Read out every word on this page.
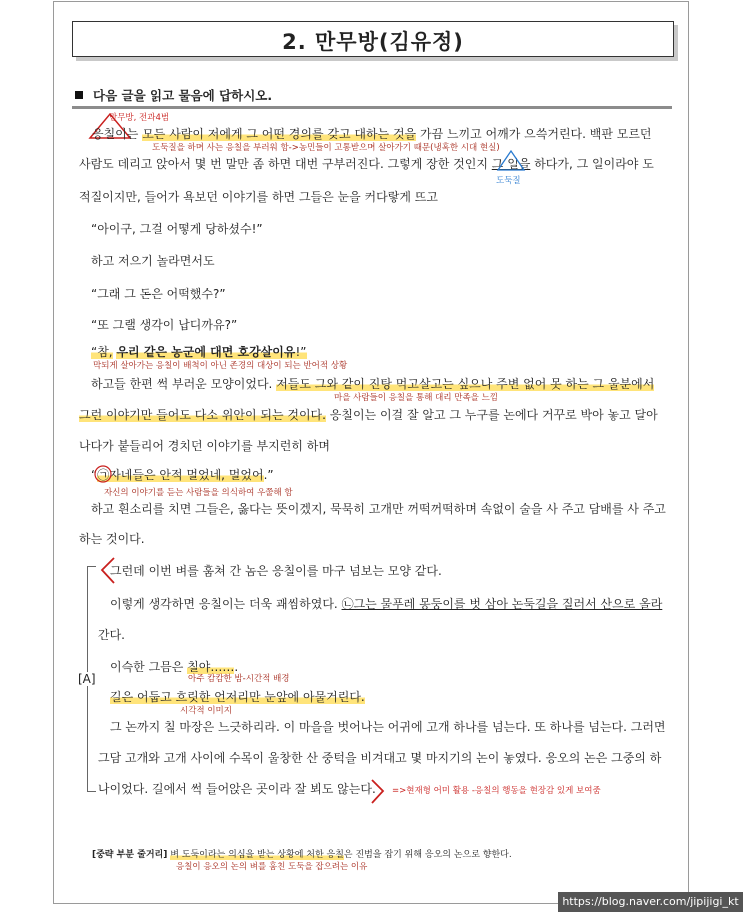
2. 만무방(김유정)
다음 글을 읽고 물음에 답하시오.
만무방, 전과4범
응칠이는 모든 사람이 저에게 그 어떤 경의를 갖고 대하는 것을 가끔 느끼고 어깨가 으쓱거린다. 백판 모르던
도둑질을 하며 사는 응칠을 부러워 함->농민들이 고통받으며 살아가기 때문(냉혹한 시대 현실)
사람도 데리고 앉아서 몇 번 말만 좀 하면 대번 구부러진다. 그렇게 장한 것인지 그 일을 하다가, 그 일이라야 도
도둑질
적질이지만, 들어가 욕보던 이야기를 하면 그들은 눈을 커다랗게 뜨고
“아이구, 그걸 어떻게 당하셨수!”
하고 저으기 놀라면서도
“그래 그 돈은 어떡했수?”
“또 그랠 생각이 납디까유?”
“참, 우리 같은 농군에 대면 호강살이유!”
막되게 살아가는 응칠이 배척이 아닌 존경의 대상이 되는 반어적 상황
하고들 한편 썩 부러운 모양이었다. 저들도 그와 같이 진탕 먹고살고는 싶으나 주변 없어 못 하는 그 울분에서
마을 사람들이 응칠을 통해 대리 만족을 느낌
그런 이야기만 들어도 다소 위안이 되는 것이다. 응칠이는 이걸 잘 알고 그 누구를 논에다 거꾸로 박아 놓고 달아
나다가 붙들리어 경치던 이야기를 부지런히 하며
“㉠자네들은 안적 멀었네, 멀었어.”
자신의 이야기를 듣는 사람들을 의식하여 우쭐해 함
하고 흰소리를 치면 그들은, 옳다는 뜻이겠지, 묵묵히 고개만 꺼떡꺼떡하며 속없이 술을 사 주고 담배를 사 주고
하는 것이다.
[A]
그런데 이번 벼를 훔쳐 간 놈은 응칠이를 마구 넘보는 모양 같다.
이렇게 생각하면 응칠이는 더욱 괘씸하였다. ㉡그는 물푸레 몽둥이를 벗 삼아 논둑길을 질러서 산으로 올라
간다.
이슥한 그믐은 칠야…….
아주 캄캄한 밤-시간적 배경
길은 어둡고 흐릿한 언저리만 눈앞에 아물거린다.
시각적 이미지
그 논까지 칠 마장은 느긋하리라. 이 마을을 벗어나는 어귀에 고개 하나를 넘는다. 또 하나를 넘는다. 그러면
그담 고개와 고개 사이에 수목이 울창한 산 중턱을 비겨대고 몇 마지기의 논이 놓였다. 응오의 논은 그중의 하
나이었다. 길에서 썩 들어앉은 곳이라 잘 뵈도 않는다. =>현재형 어미 활용 -응칠의 행동을 현장감 있게 보여줌
[중략 부분 줄거리] 벼 도둑이라는 의심을 받는 상황에 처한 응칠은 진범을 잡기 위해 응오의 논으로 향한다.
응칠이 응오의 논의 벼를 훔친 도둑을 잡으려는 이유
https://blog.naver.com/jipijigi_kt
